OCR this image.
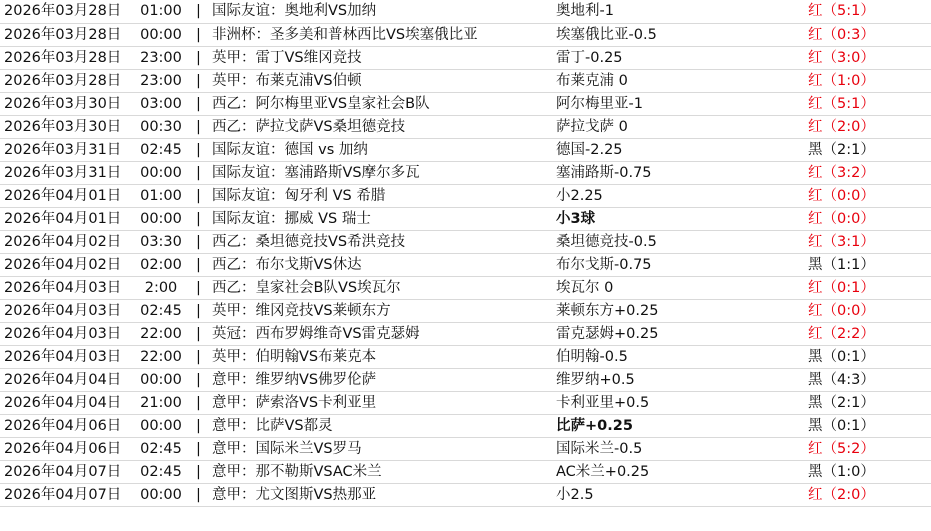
2026年03月28日	01:00	|	国际友谊：奥地利VS加纳	奥地利-1	红（5:1）
2026年03月28日	00:00	|	非洲杯：圣多美和普林西比VS埃塞俄比亚	埃塞俄比亚-0.5	红（0:3）
2026年03月28日	23:00	|	英甲：雷丁VS维冈竞技	雷丁-0.25	红（3:0）
2026年03月28日	23:00	|	英甲：布莱克浦VS伯顿	布莱克浦 0	红（1:0）
2026年03月30日	03:00	|	西乙：阿尔梅里亚VS皇家社会B队	阿尔梅里亚-1	红（5:1）
2026年03月30日	00:30	|	西乙：萨拉戈萨VS桑坦德竞技	萨拉戈萨 0	红（2:0）
2026年03月31日	02:45	|	国际友谊：德国 vs 加纳	德国-2.25	黑（2:1）
2026年03月31日	00:00	|	国际友谊：塞浦路斯VS摩尔多瓦	塞浦路斯-0.75	红（3:2）
2026年04月01日	01:00	|	国际友谊：匈牙利 VS 希腊	小2.25	红（0:0）
2026年04月01日	00:00	|	国际友谊：挪威 VS 瑞士	小3球	红（0:0）
2026年04月02日	03:30	|	西乙：桑坦德竞技VS希洪竞技	桑坦德竞技-0.5	红（3:1）
2026年04月02日	02:00	|	西乙：布尔戈斯VS休达	布尔戈斯-0.75	黑（1:1）
2026年04月03日	2:00	|	西乙：皇家社会B队VS埃瓦尔	埃瓦尔 0	红（0:1）
2026年04月03日	02:45	|	英甲：维冈竞技VS莱顿东方	莱顿东方+0.25	红（0:0）
2026年04月03日	22:00	|	英冠：西布罗姆维奇VS雷克瑟姆	雷克瑟姆+0.25	红（2:2）
2026年04月03日	22:00	|	英甲：伯明翰VS布莱克本	伯明翰-0.5	黑（0:1）
2026年04月04日	00:00	|	意甲：维罗纳VS佛罗伦萨	维罗纳+0.5	黑（4:3）
2026年04月04日	21:00	|	意甲：萨索洛VS卡利亚里	卡利亚里+0.5	黑（2:1）
2026年04月06日	00:00	|	意甲：比萨VS都灵	比萨+0.25	黑（0:1）
2026年04月06日	02:45	|	意甲：国际米兰VS罗马	国际米兰-0.5	红（5:2）
2026年04月07日	02:45	|	意甲：那不勒斯VSAC米兰	AC米兰+0.25	黑（1:0）
2026年04月07日	00:00	|	意甲：尤文图斯VS热那亚	小2.5	红（2:0）
